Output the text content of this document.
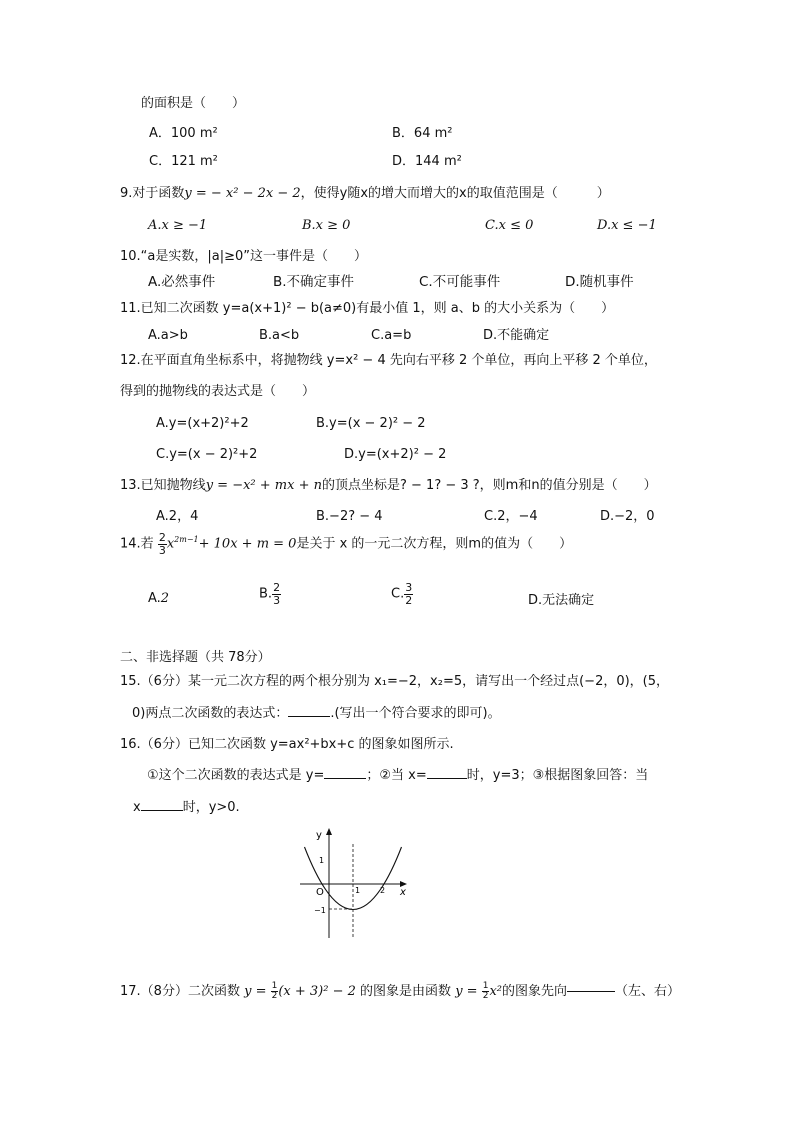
的面积是（　　）
A．100 m²	B．64 m²
C．121 m²	D．144 m²
9.对于函数y = − x² − 2x − 2，使得y随x的增大而增大的x的取值范围是（　　　）
A.x ≥ −1	B.x ≥ 0	C.x ≤ 0	D.x ≤ −1
10.“a是实数，|a|≥0”这一事件是（　　）
A.必然事件	B.不确定事件	C.不可能事件	D.随机事件
11.已知二次函数 y=a(x+1)² − b(a≠0)有最小值 1，则 a、b 的大小关系为（　　）
A.a>b	B.a<b	C.a=b	D.不能确定
12.在平面直角坐标系中，将抛物线 y=x² − 4 先向右平移 2 个单位，再向上平移 2 个单位，
得到的抛物线的表达式是（　　）
A.y=(x+2)²+2	B.y=(x − 2)² − 2
C.y=(x − 2)²+2	D.y=(x+2)² − 2
13.已知抛物线y = −x² + mx + n的顶点坐标是? − 1? − 3 ?，则m和n的值分别是（　　）
A.2，4	B.−2? − 4	C.2，−4	D.−2，0
14.若 $\frac{2}{3} x^{2m-1}+ 10x + m = 0$是关于 x 的一元二次方程，则m的值为（　　）
A.2	B. $\frac{2}{3}$	C. $\frac{3}{2}$	D.无法确定
二、非选择题（共 78分）
15.（6分）某一元二次方程的两个根分别为 x₁=−2，x₂=5，请写出一个经过点(−2，0)，(5，
0)两点二次函数的表达式：	.(写出一个符合要求的即可)。
16.（6分）已知二次函数 y=ax²+bx+c 的图象如图所示.
①这个二次函数的表达式是 y=	；②当 x=	时，y=3；③根据图象回答：当
x	时，y>0.
y
x
O
1
−1
1 2
17.（8分）二次函数 $y = \frac{1}{2} (x + 3)^2 - 2$ 的图象是由函数 $y = \frac{1}{2} x^2$的图象先向	（左、右）
